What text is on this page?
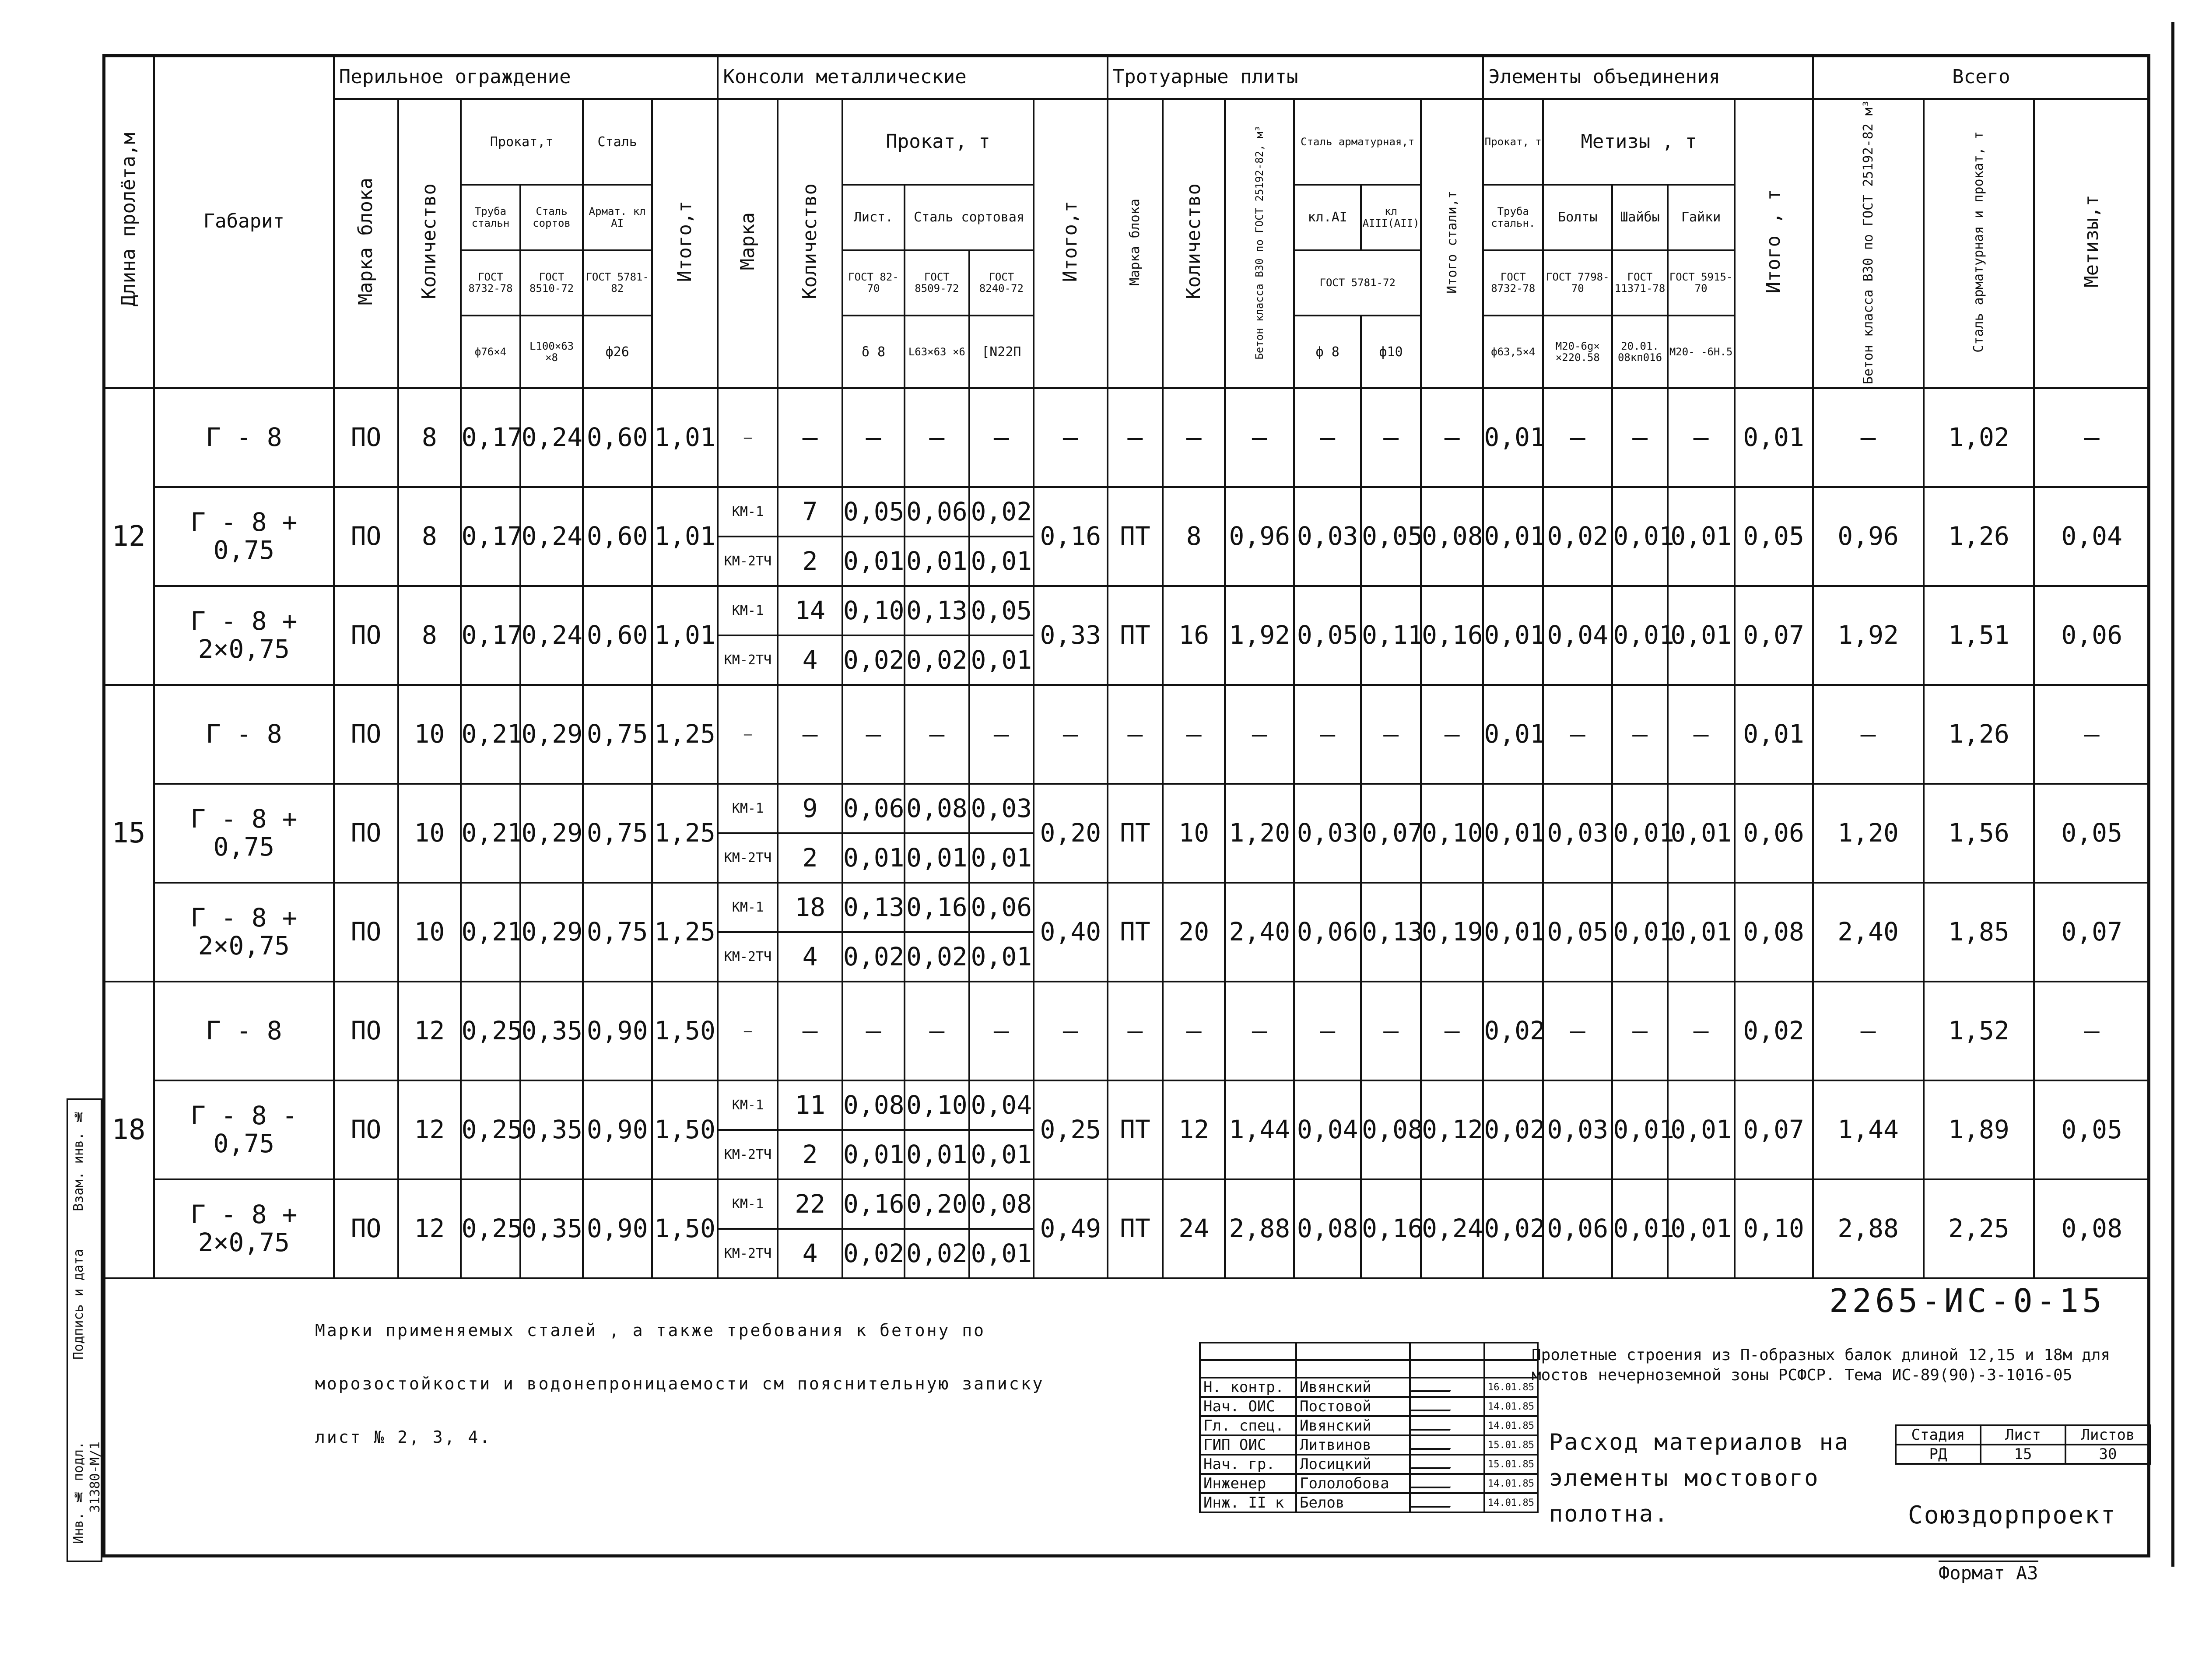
Длина пролёта,м	Габарит	Перильное ограждение						Консоли металлические						Тротуарные плиты						Элементы объединения					Всего		
		Марка блока	Количество	Прокат,т		Сталь	Итого,т	Марка	Количество	Прокат, т			Итого,т	Марка блока	Количество	Бетон класса В30 по ГОСТ 25192-82, м³	Сталь арматурная,т		Итого стали,т	Прокат, т	Метизы , т			Итого , т	Бетон класса В30 по ГОСТ 25192-82 м³	Сталь арматурная и прокат, т	Метизы,т
				Труба стальн	Сталь сортов	Армат. кл АI				Лист.	Сталь сортовая						кл.АI	кл АIII(АII)		Труба стальн.	Болты	Шайбы	Гайки				
				ГОСТ 8732-78	ГОСТ 8510-72	ГОСТ 5781-82				ГОСТ 82-70	ГОСТ 8509-72	ГОСТ 8240-72					ГОСТ 5781-72			ГОСТ 8732-78	ГОСТ 7798-70	ГОСТ 11371-78	ГОСТ 5915-70				
				ф76×4	L100×63 ×8	ф26				δ 8	L63×63 ×6	[N22П					ф 8	ф10		ф63,5×4	М20-6g× ×220.58	20.01. 08кп016	М20- -6Н.5				
12	Г - 8	ПО	8	0,17	0,24	0,60	1,01	—	—	—	—	—	—	—	—	—	—	—	—	0,01	—	—	—	0,01	—	1,02	—
	Г - 8 + 0,75	ПО	8	0,17	0,24	0,60	1,01	КМ-1	7	0,05	0,06	0,02	0,16	ПТ	8	0,96	0,03	0,05	0,08	0,01	0,02	0,01	0,01	0,05	0,96	1,26	0,04
								КМ-2ТЧ	2	0,01	0,01	0,01															
	Г - 8 + 2×0,75	ПО	8	0,17	0,24	0,60	1,01	КМ-1	14	0,10	0,13	0,05	0,33	ПТ	16	1,92	0,05	0,11	0,16	0,01	0,04	0,01	0,01	0,07	1,92	1,51	0,06
								КМ-2ТЧ	4	0,02	0,02	0,01															
15	Г - 8	ПО	10	0,21	0,29	0,75	1,25	—	—	—	—	—	—	—	—	—	—	—	—	0,01	—	—	—	0,01	—	1,26	—
	Г - 8 + 0,75	ПО	10	0,21	0,29	0,75	1,25	КМ-1	9	0,06	0,08	0,03	0,20	ПТ	10	1,20	0,03	0,07	0,10	0,01	0,03	0,01	0,01	0,06	1,20	1,56	0,05
								КМ-2ТЧ	2	0,01	0,01	0,01															
	Г - 8 + 2×0,75	ПО	10	0,21	0,29	0,75	1,25	КМ-1	18	0,13	0,16	0,06	0,40	ПТ	20	2,40	0,06	0,13	0,19	0,01	0,05	0,01	0,01	0,08	2,40	1,85	0,07
								КМ-2ТЧ	4	0,02	0,02	0,01															
18	Г - 8	ПО	12	0,25	0,35	0,90	1,50	—	—	—	—	—	—	—	—	—	—	—	—	0,02	—	—	—	0,02	—	1,52	—
	Г - 8 - 0,75	ПО	12	0,25	0,35	0,90	1,50	КМ-1	11	0,08	0,10	0,04	0,25	ПТ	12	1,44	0,04	0,08	0,12	0,02	0,03	0,01	0,01	0,07	1,44	1,89	0,05
								КМ-2ТЧ	2	0,01	0,01	0,01															
	Г - 8 + 2×0,75	ПО	12	0,25	0,35	0,90	1,50	КМ-1	22	0,16	0,20	0,08	0,49	ПТ	24	2,88	0,08	0,16	0,24	0,02	0,06	0,01	0,01	0,10	2,88	2,25	0,08
								КМ-2ТЧ	4	0,02	0,02	0,01															
Марки применяемых сталей , а также требования к бетону по
морозостойкости и водонепроницаемости см пояснительную записку
лист № 2, 3, 4.
2265-ИС-0-15

Н. контр.	Ивянский		16.01.85
Нач. ОИС	Постовой		14.01.85
Гл. спец.	Ивянский		14.01.85
ГИП ОИС	Литвинов		15.01.85
Нач. гр.	Лосицкий		15.01.85
Инженер	Гололобова		14.01.85
Инж. II к	Белов		14.01.85
Пролетные строения из П-образных балок длиной 12,15 и 18м для мостов нечерноземной зоны РСФСР. Тема ИС-89(90)-3-1016-05
Расход материалов на
элементы мостового
полотна.
Стадия	Лист	Листов
РД	15	30
Союздорпроект
Формат А3
Взам. инв. №
Подпись и дата
Инв. № подл. 31380-М/1
